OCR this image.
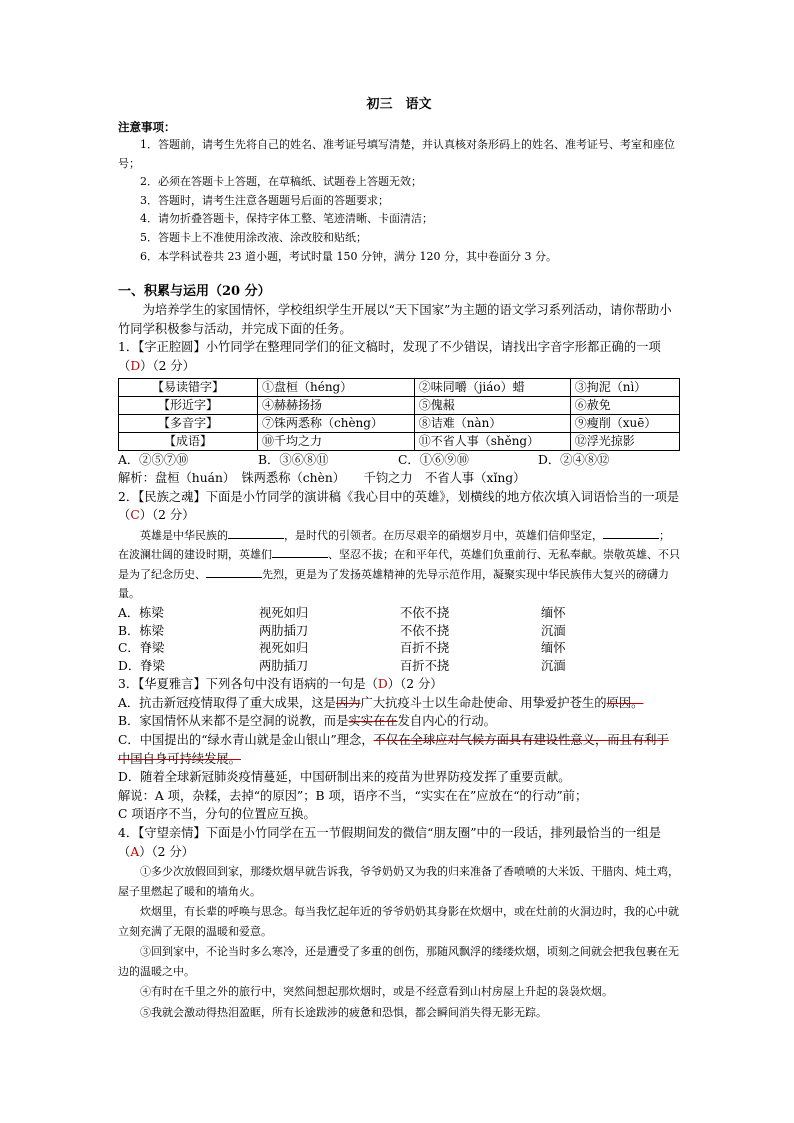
初三　语文
注意事项：

1．答题前，请考生先将自己的姓名、准考证号填写清楚，并认真核对条形码上的姓名、准考证号、考室和座位号；

2．必须在答题卡上答题，在草稿纸、试题卷上答题无效；

3．答题时，请考生注意各题题号后面的答题要求；

4．请勿折叠答题卡，保持字体工整、笔迹清晰、卡面清洁；

5．答题卡上不准使用涂改液、涂改胶和贴纸；

6．本学科试卷共 23 道小题，考试时量 150 分钟，满分 120 分，其中卷面分 3 分。

一、积累与运用（20 分）

为培养学生的家国情怀，学校组织学生开展以“天下国家”为主题的语文学习系列活动，请你帮助小竹同学积极参与活动，并完成下面的任务。

1．【字正腔圆】小竹同学在整理同学们的征文稿时，发现了不少错误，请找出字音字形都正确的一项（D）（2 分）

【易读错字】	①盘桓（héng）	②味同嚼（jiáo）蜡	③拘泥（nì）
【形近字】	④赫赫扬扬	⑤傀赧	⑥赦免
【多音字】	⑦铢两悉称（chèng）	⑧诘难（nàn）	⑨瘦削（xuē）
【成语】	⑩千均之力	⑪不省人事（shěng）	⑫浮光掠影
A．②⑤⑦⑩	B．③⑥⑧⑪	C．①⑥⑨⑩	D．②④⑧⑫

解析：盘桓（huán）　铢两悉称（chèn）　　千钧之力　不省人事（xǐng）

2．【民族之魂】下面是小竹同学的演讲稿《我心目中的英雄》，划横线的地方依次填入词语恰当的一项是（C）（2 分）

英雄是中华民族的	，是时代的引领者。在历尽艰辛的硝烟岁月中，英雄们信仰坚定，	；在波澜壮阔的建设时期，英雄们	、坚忍不拔；在和平年代，英雄们负重前行、无私奉献。崇敬英雄、不只是为了纪念历史、	先烈，更是为了发扬英雄精神的先导示范作用，凝聚实现中华民族伟大复兴的磅礴力量。

A．栋梁	视死如归	不依不挠	缅怀
B．栋梁	两肋插刀	不依不挠	沉湎
C．脊梁	视死如归	百折不挠	缅怀
D．脊梁	两肋插刀	百折不挠	沉湎

3．【华夏雅言】下列各句中没有语病的一句是（D）（2 分）

A．抗击新冠疫情取得了重大成果，这是因为广大抗疫斗士以生命赴使命、用挚爱护苍生的原因。

B．家国情怀从来都不是空洞的说教，而是实实在在发自内心的行动。

C．中国提出的“绿水青山就是金山银山”理念，不仅在全球应对气候方面具有建设性意义，而且有利于中国自身可持续发展。

D．随着全球新冠肺炎疫情蔓延，中国研制出来的疫苗为世界防疫发挥了重要贡献。

解说：A 项，杂糅，去掉“的原因”；B 项，语序不当，“实实在在”应放在“的行动”前；

C 项语序不当，分句的位置应互换。

4．【守望亲情】下面是小竹同学在五一节假期间发的微信“朋友圈”中的一段话，排列最恰当的一组是（A）（2 分）

①多少次放假回到家，那缕炊烟早就告诉我，爷爷奶奶又为我的归来准备了香喷喷的大米饭、干腊肉、炖土鸡，屋子里燃起了暖和的墙角火。

炊烟里，有长辈的呼唤与思念。每当我忆起年近的爷爷奶奶其身影在炊烟中，或在灶前的火洞边时，我的心中就立刻充满了无限的温暖和爱意。

③回到家中，不论当时多么寒冷，还是遭受了多重的创伤，那随风飘浮的缕缕炊烟，顷刻之间就会把我包裹在无边的温暖之中。

④有时在千里之外的旅行中，突然间想起那炊烟时，或是不经意看到山村房屋上升起的袅袅炊烟。

⑤我就会激动得热泪盈眶，所有长途跋涉的疲惫和恐惧，都会瞬间消失得无影无踪。
